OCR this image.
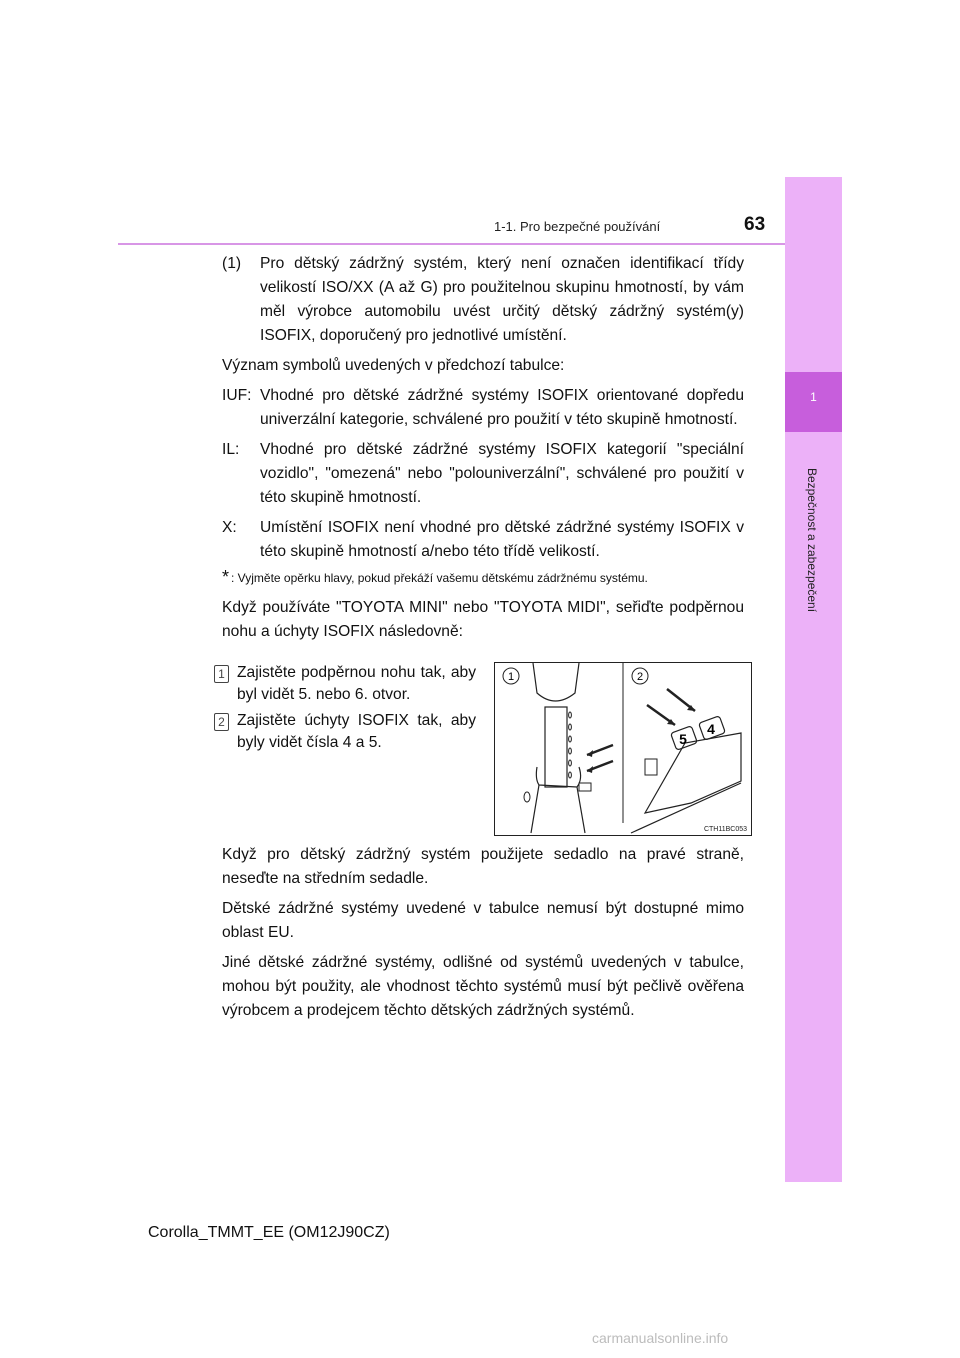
1-1. Pro bezpečné používání	63
1
Bezpečnost a zabezpečení
(1)	Pro dětský zádržný systém, který není označen identifikací třídy velikostí ISO/XX (A až G) pro použitelnou skupinu hmotností, by vám měl výrobce automobilu uvést určitý dětský zádržný systém(y) ISOFIX, doporučený pro jednotlivé umístění.

Význam symbolů uvedených v předchozí tabulce:

IUF: Vhodné pro dětské zádržné systémy ISOFIX orientované dopředu univerzální kategorie, schválené pro použití v této skupině hmotností.
IL:	Vhodné pro dětské zádržné systémy ISOFIX kategorií "speciální vozidlo", "omezená" nebo "polouniverzální", schválené pro použití v této skupině hmotností.
X:	Umístění ISOFIX není vhodné pro dětské zádržné systémy ISOFIX v této skupině hmotností a/nebo této třídě velikostí.
* : Vyjměte opěrku hlavy, pokud překáží vašemu dětskému zádržnému systému.

Když používáte "TOYOTA MINI" nebo "TOYOTA MIDI", seřiďte podpěrnou nohu a úchyty ISOFIX následovně:

1 Zajistěte podpěrnou nohu tak, aby byl vidět 5. nebo 6. otvor.
2 Zajistěte úchyty ISOFIX tak, aby byly vidět čísla 4 a 5.
1	2
5
4
CTH11BC053

Když pro dětský zádržný systém použijete sedadlo na pravé straně, neseďte na středním sedadle.

Dětské zádržné systémy uvedené v tabulce nemusí být dostupné mimo oblast EU.

Jiné dětské zádržné systémy, odlišné od systémů uvedených v tabulce, mohou být použity, ale vhodnost těchto systémů musí být pečlivě ověřena výrobcem a prodejcem těchto dětských zádržných systémů.

Corolla_TMMT_EE (OM12J90CZ)
carmanualsonline.info
